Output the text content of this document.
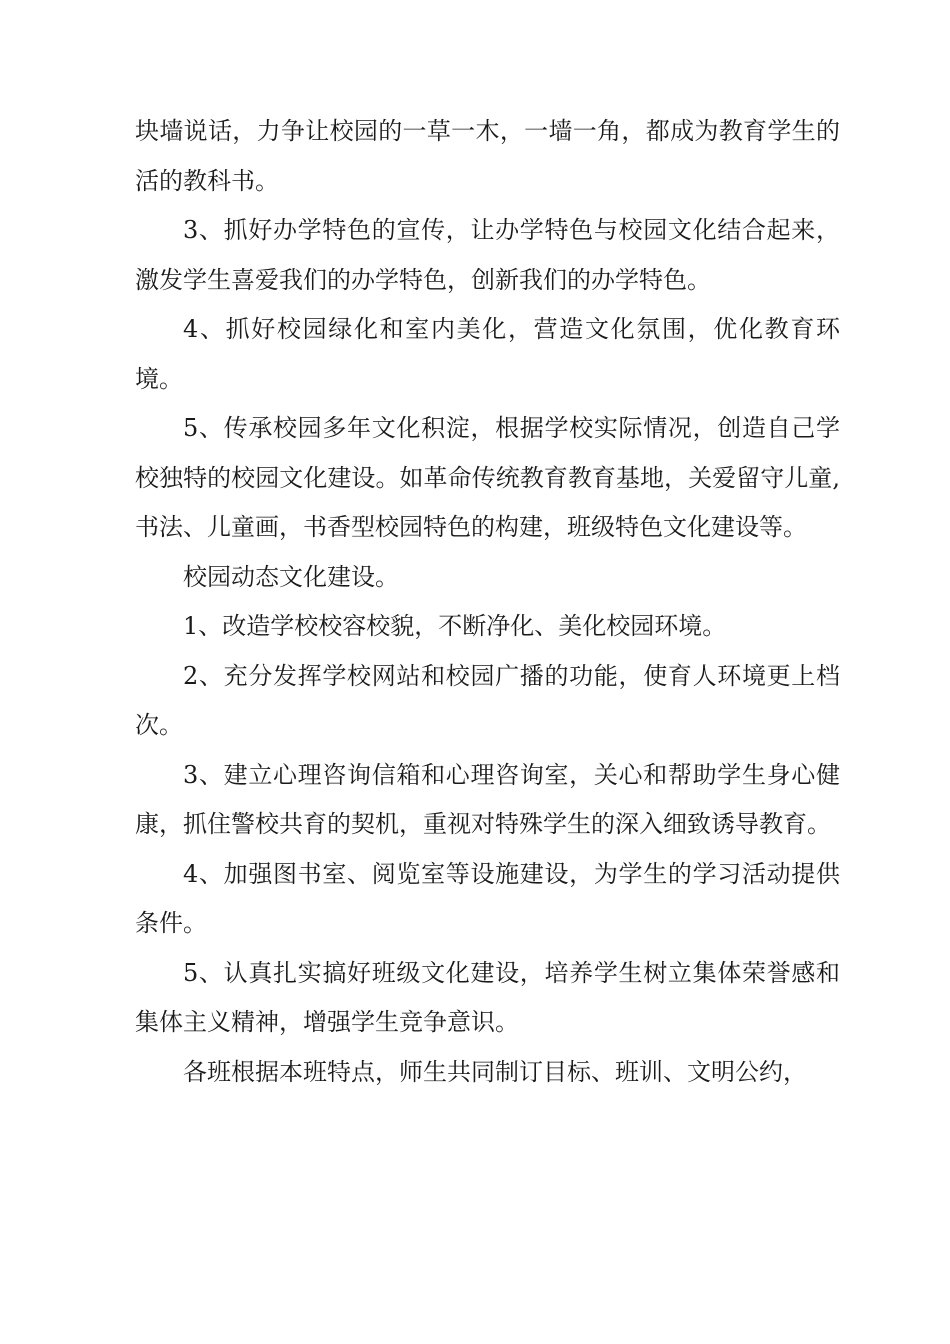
块墙说话，力争让校园的一草一木，一墙一角，都成为教育学生的活的教科书。

3、抓好办学特色的宣传，让办学特色与校园文化结合起来，激发学生喜爱我们的办学特色，创新我们的办学特色。

4、抓好校园绿化和室内美化，营造文化氛围，优化教育环境。

5、传承校园多年文化积淀，根据学校实际情况，创造自己学校独特的校园文化建设。如革命传统教育教育基地，关爱留守儿童,书法、儿童画，书香型校园特色的构建，班级特色文化建设等。

校园动态文化建设。

1、改造学校校容校貌，不断净化、美化校园环境。

2、充分发挥学校网站和校园广播的功能，使育人环境更上档次。

3、建立心理咨询信箱和心理咨询室，关心和帮助学生身心健康，抓住警校共育的契机，重视对特殊学生的深入细致诱导教育。

4、加强图书室、阅览室等设施建设，为学生的学习活动提供条件。

5、认真扎实搞好班级文化建设，培养学生树立集体荣誉感和集体主义精神，增强学生竞争意识。

各班根据本班特点，师生共同制订目标、班训、文明公约，
